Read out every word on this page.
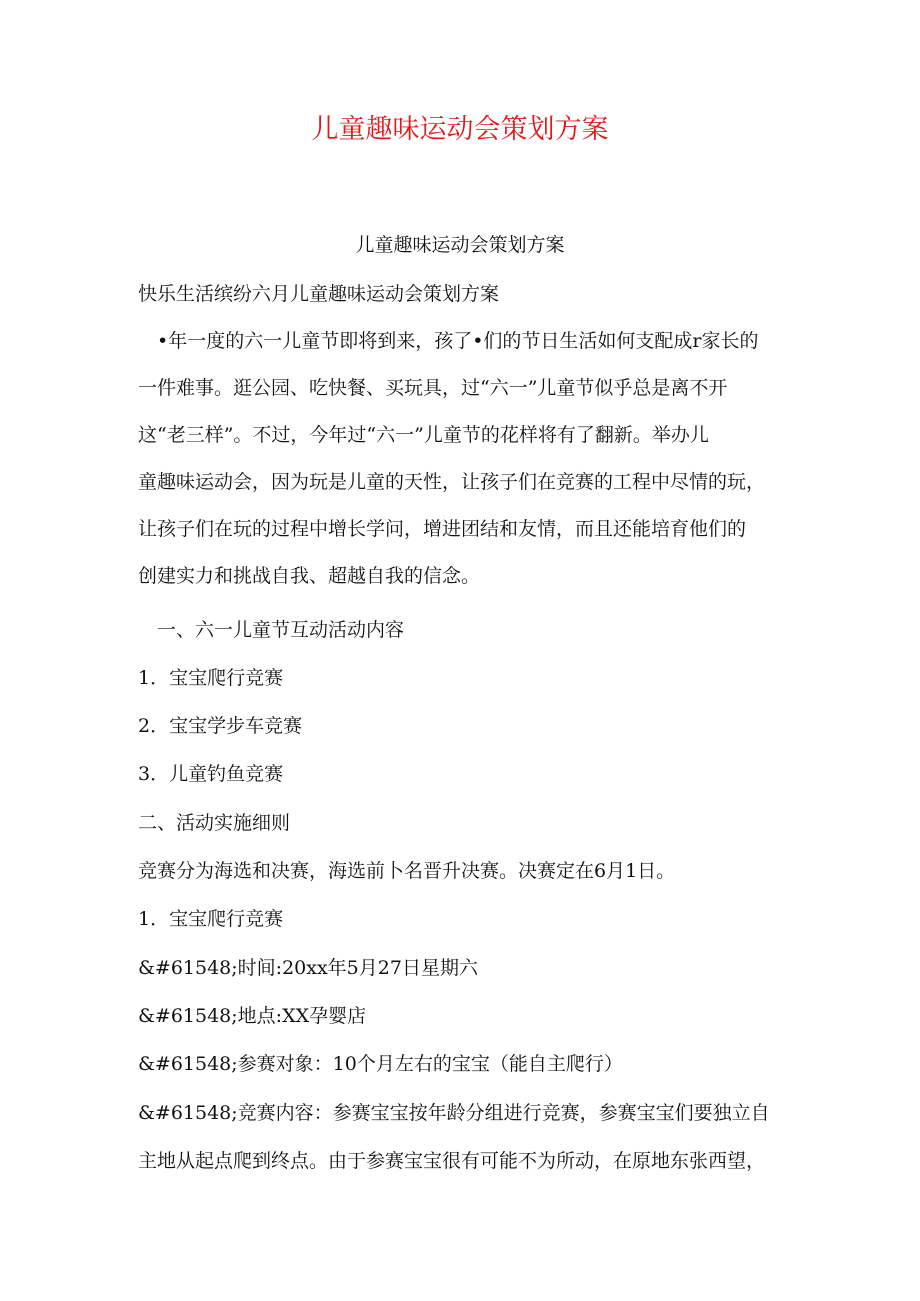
儿童趣味运动会策划方案
儿童趣味运动会策划方案
快乐生活缤纷六月儿童趣味运动会策划方案
•年一度的六一儿童节即将到来，孩了•们的节日生活如何支配成r家长的
一件难事。逛公园、吃快餐、买玩具，过“六一”儿童节似乎总是离不开
这“老三样”。不过，今年过“六一”儿童节的花样将有了翻新。举办儿
童趣味运动会，因为玩是儿童的天性，让孩子们在竞赛的工程中尽情的玩，
让孩子们在玩的过程中增长学问，增进团结和友情，而且还能培育他们的
创建实力和挑战自我、超越自我的信念。
一、六一儿童节互动活动内容
1．宝宝爬行竞赛
2．宝宝学步车竞赛
3．儿童钓鱼竞赛
二、活动实施细则
竞赛分为海选和决赛，海选前卜名晋升决赛。决赛定在6月1日。
1．宝宝爬行竞赛
&#61548;时间:20xx年5月27日星期六
&#61548;地点:XX孕婴店
&#61548;参赛对象：10个月左右的宝宝（能自主爬行）
&#61548;竞赛内容：参赛宝宝按年龄分组进行竞赛，参赛宝宝们要独立自
主地从起点爬到终点。由于参赛宝宝很有可能不为所动，在原地东张西望，
